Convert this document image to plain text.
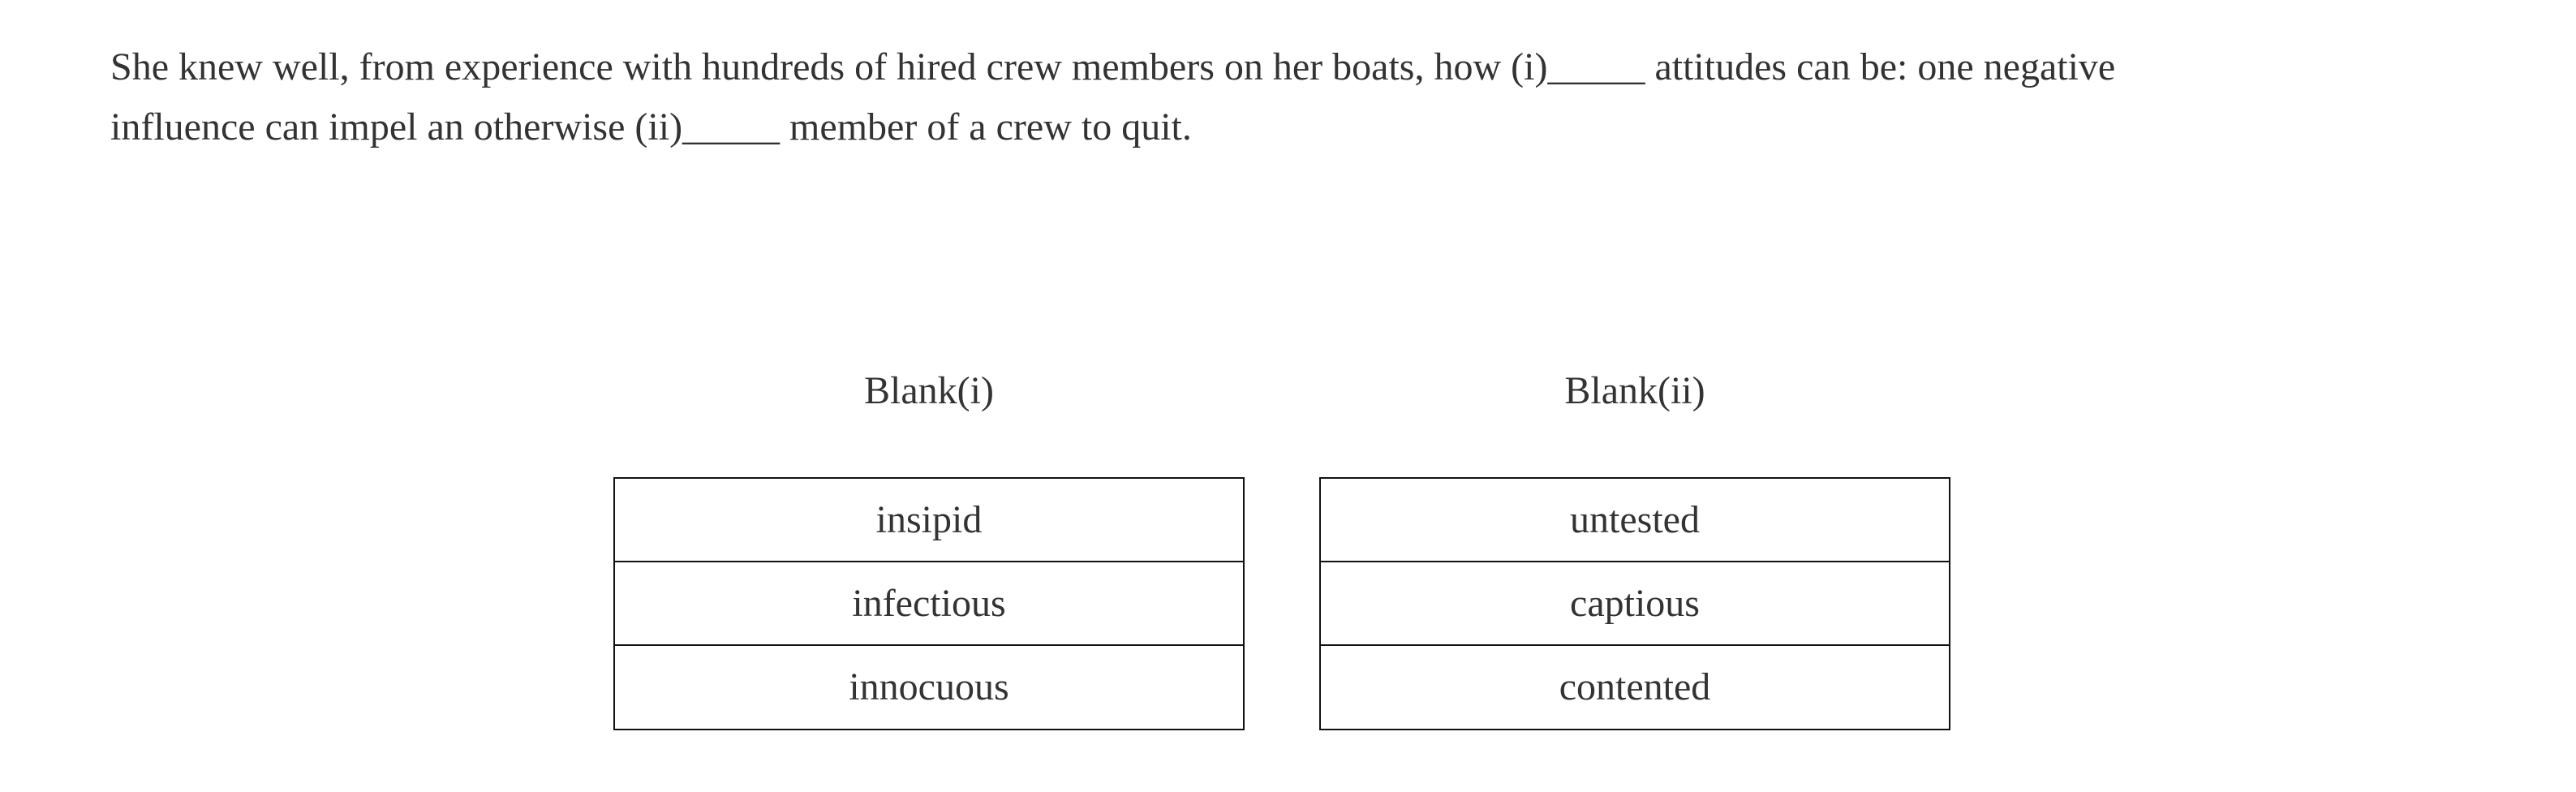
She knew well, from experience with hundreds of hired crew members on her boats, how (i)_____ attitudes can be: one negative
influence can impel an otherwise (ii)_____ member of a crew to quit.

Blank(i)
insipid
infectious
innocuous
Blank(ii)
untested
captious
contented
